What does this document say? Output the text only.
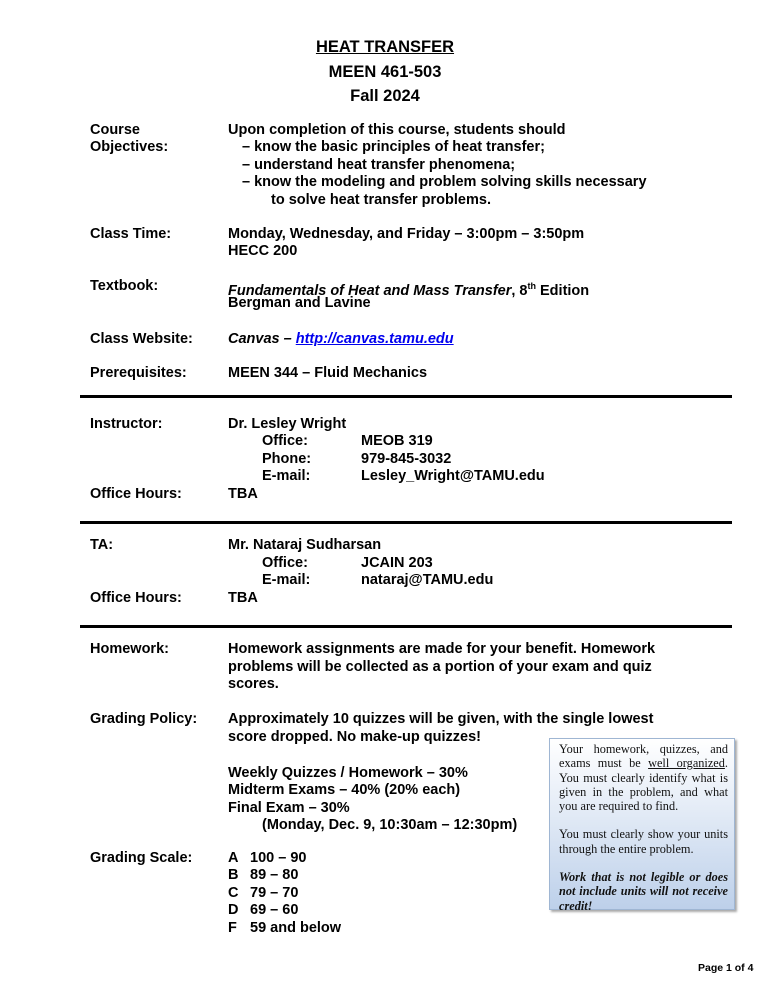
HEAT TRANSFER
MEEN 461-503
Fall 2024
Course
Objectives:
Upon completion of this course, students should
– know the basic principles of heat transfer;
– understand heat transfer phenomena;
– know the modeling and problem solving skills necessary
to solve heat transfer problems.
Class Time:	Monday, Wednesday, and Friday – 3:00pm – 3:50pm
HECC 200
Textbook:	Fundamentals of Heat and Mass Transfer, 8th Edition
Bergman and Lavine
Class Website: Canvas – http://canvas.tamu.edu
Prerequisites:	MEEN 344 – Fluid Mechanics
Instructor:	Dr. Lesley Wright
Office:	MEOB 319
Phone:	979-845-3032
E-mail:	Lesley_Wright@TAMU.edu
Office Hours:	TBA
TA:	Mr. Nataraj Sudharsan
Office:	JCAIN 203
E-mail:	nataraj@TAMU.edu
Office Hours:	TBA
Homework:	Homework assignments are made for your benefit. Homework
problems will be collected as a portion of your exam and quiz
scores.
Grading Policy: Approximately 10 quizzes will be given, with the single lowest
score dropped. No make-up quizzes!
Weekly Quizzes / Homework – 30%
Midterm Exams – 40% (20% each)
Final Exam – 30%
(Monday, Dec. 9, 10:30am – 12:30pm)
Grading Scale: A 100 – 90
B 89 – 80
C 79 – 70
D 69 – 60
F 59 and below

Your homework, quizzes, and exams must be well organized. You must clearly identify what is given in the problem, and what you are required to find.

You must clearly show your units through the entire problem.

Work that is not legible or does not include units will not receive credit!

Page 1 of 4
